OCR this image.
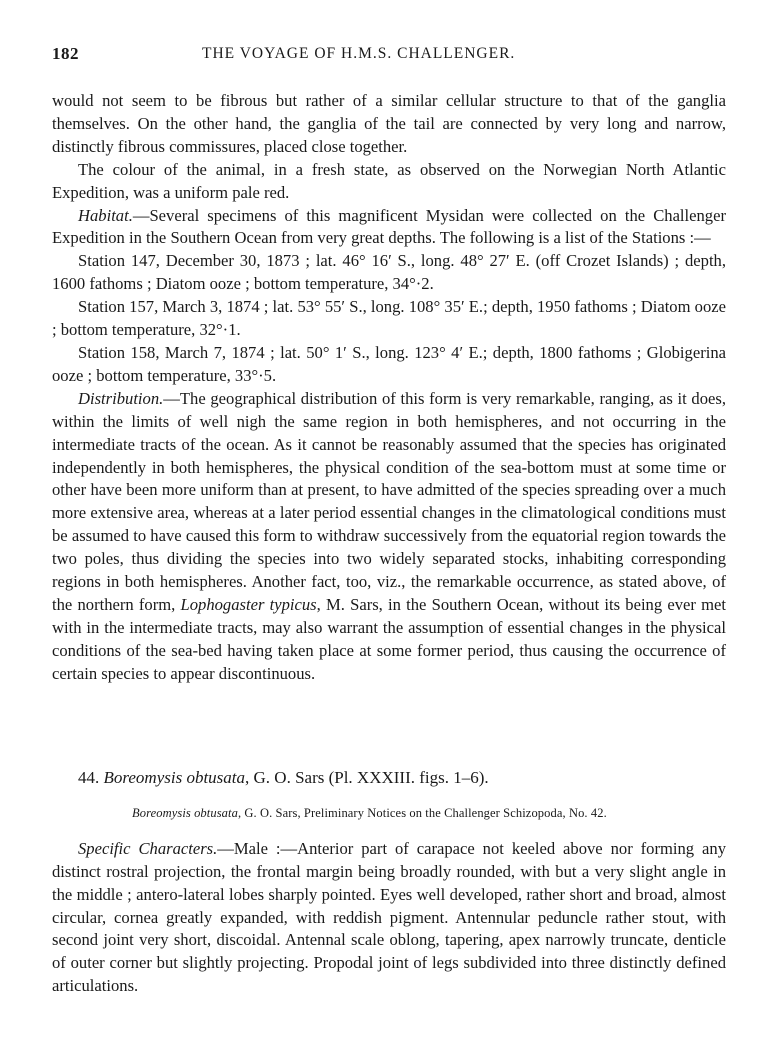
182	THE VOYAGE OF H.M.S. CHALLENGER.

would not seem to be fibrous but rather of a similar cellular structure to that of the ganglia themselves. On the other hand, the ganglia of the tail are connected by very long and narrow, distinctly fibrous commissures, placed close together.

The colour of the animal, in a fresh state, as observed on the Norwegian North Atlantic Expedition, was a uniform pale red.

Habitat.—Several specimens of this magnificent Mysidan were collected on the Challenger Expedition in the Southern Ocean from very great depths. The following is a list of the Stations :—

Station 147, December 30, 1873 ; lat. 46° 16′ S., long. 48° 27′ E. (off Crozet Islands) ; depth, 1600 fathoms ; Diatom ooze ; bottom temperature, 34°·2.

Station 157, March 3, 1874 ; lat. 53° 55′ S., long. 108° 35′ E.; depth, 1950 fathoms ; Diatom ooze ; bottom temperature, 32°·1.

Station 158, March 7, 1874 ; lat. 50° 1′ S., long. 123° 4′ E.; depth, 1800 fathoms ; Globigerina ooze ; bottom temperature, 33°·5.

Distribution.—The geographical distribution of this form is very remarkable, ranging, as it does, within the limits of well nigh the same region in both hemispheres, and not occurring in the intermediate tracts of the ocean. As it cannot be reasonably assumed that the species has originated independently in both hemispheres, the physical condition of the sea-bottom must at some time or other have been more uniform than at present, to have admitted of the species spreading over a much more extensive area, whereas at a later period essential changes in the climatological conditions must be assumed to have caused this form to withdraw successively from the equatorial region towards the two poles, thus dividing the species into two widely separated stocks, inhabiting corresponding regions in both hemispheres. Another fact, too, viz., the remarkable occurrence, as stated above, of the northern form, Lophogaster typicus, M. Sars, in the Southern Ocean, without its being ever met with in the intermediate tracts, may also warrant the assumption of essential changes in the physical conditions of the sea-bed having taken place at some former period, thus causing the occurrence of certain species to appear discontinuous.

44. Boreomysis obtusata, G. O. Sars (Pl. XXXIII. figs. 1–6).

Boreomysis obtusata, G. O. Sars, Preliminary Notices on the Challenger Schizopoda, No. 42.

Specific Characters.—Male :—Anterior part of carapace not keeled above nor forming any distinct rostral projection, the frontal margin being broadly rounded, with but a very slight angle in the middle ; antero-lateral lobes sharply pointed. Eyes well developed, rather short and broad, almost circular, cornea greatly expanded, with reddish pigment. Antennular peduncle rather stout, with second joint very short, discoidal. Antennal scale oblong, tapering, apex narrowly truncate, denticle of outer corner but slightly projecting. Propodal joint of legs subdivided into three distinctly defined articulations.
